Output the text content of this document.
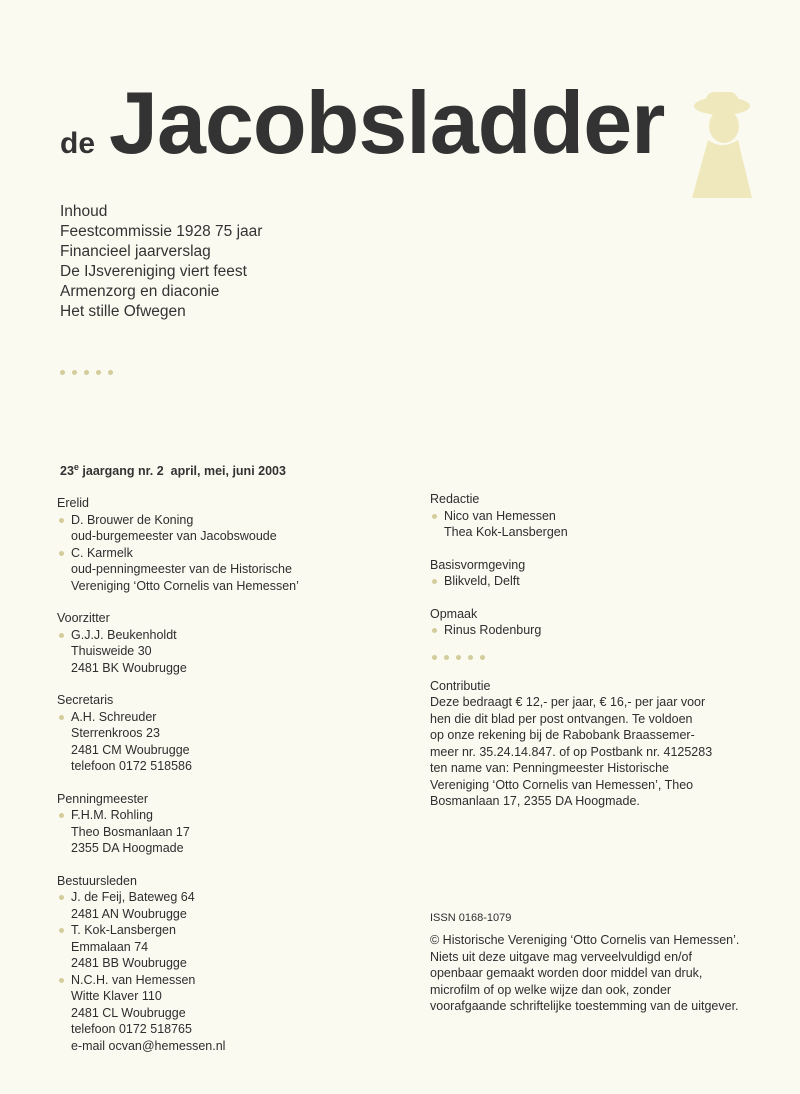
de Jacobsladder
Inhoud
Feestcommissie 1928 75 jaar
Financieel jaarverslag
De IJsvereniging viert feest
Armenzorg en diaconie
Het stille Ofwegen
23e jaargang nr. 2  april, mei, juni 2003
Erelid
D. Brouwer de Koning
oud-burgemeester van Jacobswoude
C. Karmelk
oud-penningmeester van de Historische
Vereniging ‘Otto Cornelis van Hemessen’
Voorzitter
G.J.J. Beukenholdt
Thuisweide 30
2481 BK Woubrugge
Secretaris
A.H. Schreuder
Sterrenkroos 23
2481 CM Woubrugge
telefoon 0172 518586
Penningmeester
F.H.M. Rohling
Theo Bosmanlaan 17
2355 DA Hoogmade
Bestuursleden
J. de Feij, Bateweg 64
2481 AN Woubrugge
T. Kok-Lansbergen
Emmalaan 74
2481 BB Woubrugge
N.C.H. van Hemessen
Witte Klaver 110
2481 CL Woubrugge
telefoon 0172 518765
e-mail ocvan@hemessen.nl
Redactie
Nico van Hemessen
Thea Kok-Lansbergen
Basisvormgeving
Blikveld, Delft
Opmaak
Rinus Rodenburg
Contributie
Deze bedraagt € 12,- per jaar, € 16,- per jaar voor
hen die dit blad per post ontvangen. Te voldoen
op onze rekening bij de Rabobank Braassemer-
meer nr. 35.24.14.847. of op Postbank nr. 4125283
ten name van: Penningmeester Historische
Vereniging ‘Otto Cornelis van Hemessen’, Theo
Bosmanlaan 17, 2355 DA Hoogmade.
ISSN 0168-1079
© Historische Vereniging ‘Otto Cornelis van Hemessen’.
Niets uit deze uitgave mag verveelvuldigd en/of
openbaar gemaakt worden door middel van druk,
microfilm of op welke wijze dan ook, zonder
voorafgaande schriftelijke toestemming van de uitgever.
